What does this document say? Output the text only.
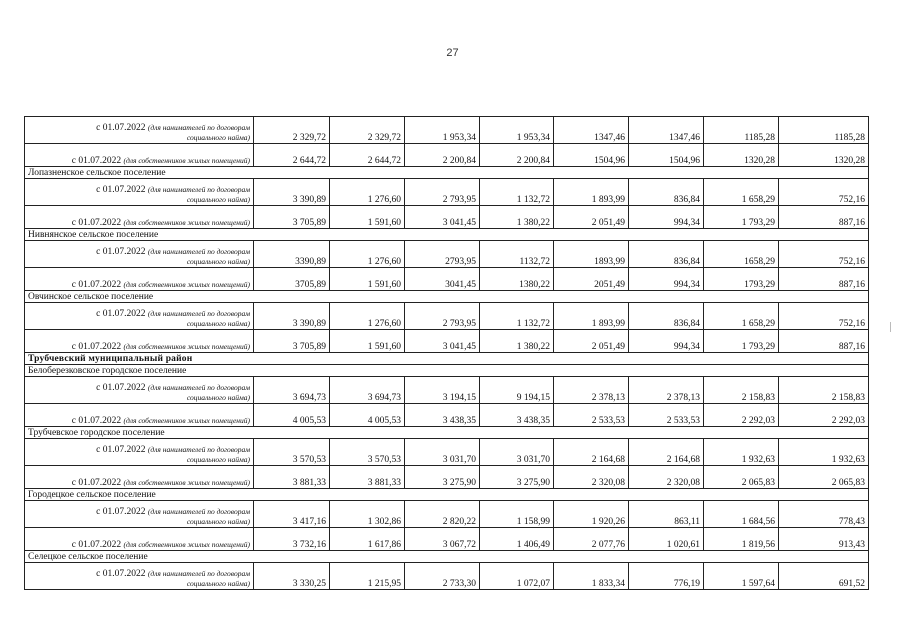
27
с 01.07.2022 (для нанимателей по договорам
социального найма)	2 329,72	2 329,72	1 953,34	1 953,34	1347,46	1347,46	1185,28	1185,28
с 01.07.2022 (для собственников жилых помещений)	2 644,72	2 644,72	2 200,84	2 200,84	1504,96	1504,96	1320,28	1320,28
Лопазненское сельское поселение								

с 01.07.2022 (для нанимателей по договорам
социального найма)	3 390,89	1 276,60	2 793,95	1 132,72	1 893,99	836,84	1 658,29	752,16
с 01.07.2022 (для собственников жилых помещений)	3 705,89	1 591,60	3 041,45	1 380,22	2 051,49	994,34	1 793,29	887,16
Нивнянское сельское поселение								

с 01.07.2022 (для нанимателей по договорам
социального найма)	3390,89	1 276,60	2793,95	1132,72	1893,99	836,84	1658,29	752,16
с 01.07.2022 (для собственников жилых помещений)	3705,89	1 591,60	3041,45	1380,22	2051,49	994,34	1793,29	887,16
Овчинское сельское поселение								

с 01.07.2022 (для нанимателей по договорам
социального найма)	3 390,89	1 276,60	2 793,95	1 132,72	1 893,99	836,84	1 658,29	752,16
с 01.07.2022 (для собственников жилых помещений)	3 705,89	1 591,60	3 041,45	1 380,22	2 051,49	994,34	1 793,29	887,16
Трубчевский муниципальный район								
Белоберезковское городское поселение								

с 01.07.2022 (для нанимателей по договорам
социального найма)	3 694,73	3 694,73	3 194,15	9 194,15	2 378,13	2 378,13	2 158,83	2 158,83
с 01.07.2022 (для собственников жилых помещений)	4 005,53	4 005,53	3 438,35	3 438,35	2 533,53	2 533,53	2 292,03	2 292,03
Трубчевское городское поселение								

с 01.07.2022 (для нанимателей по договорам
социального найма)	3 570,53	3 570,53	3 031,70	3 031,70	2 164,68	2 164,68	1 932,63	1 932,63
с 01.07.2022 (для собственников жилых помещений)	3 881,33	3 881,33	3 275,90	3 275,90	2 320,08	2 320,08	2 065,83	2 065,83
Городецкое сельское поселение								

с 01.07.2022 (для нанимателей по договорам
социального найма)	3 417,16	1 302,86	2 820,22	1 158,99	1 920,26	863,11	1 684,56	778,43
с 01.07.2022 (для собственников жилых помещений)	3 732,16	1 617,86	3 067,72	1 406,49	2 077,76	1 020,61	1 819,56	913,43
Селецкое сельское поселение								

с 01.07.2022 (для нанимателей по договорам
социального найма)	3 330,25	1 215,95	2 733,30	1 072,07	1 833,34	776,19	1 597,64	691,52
